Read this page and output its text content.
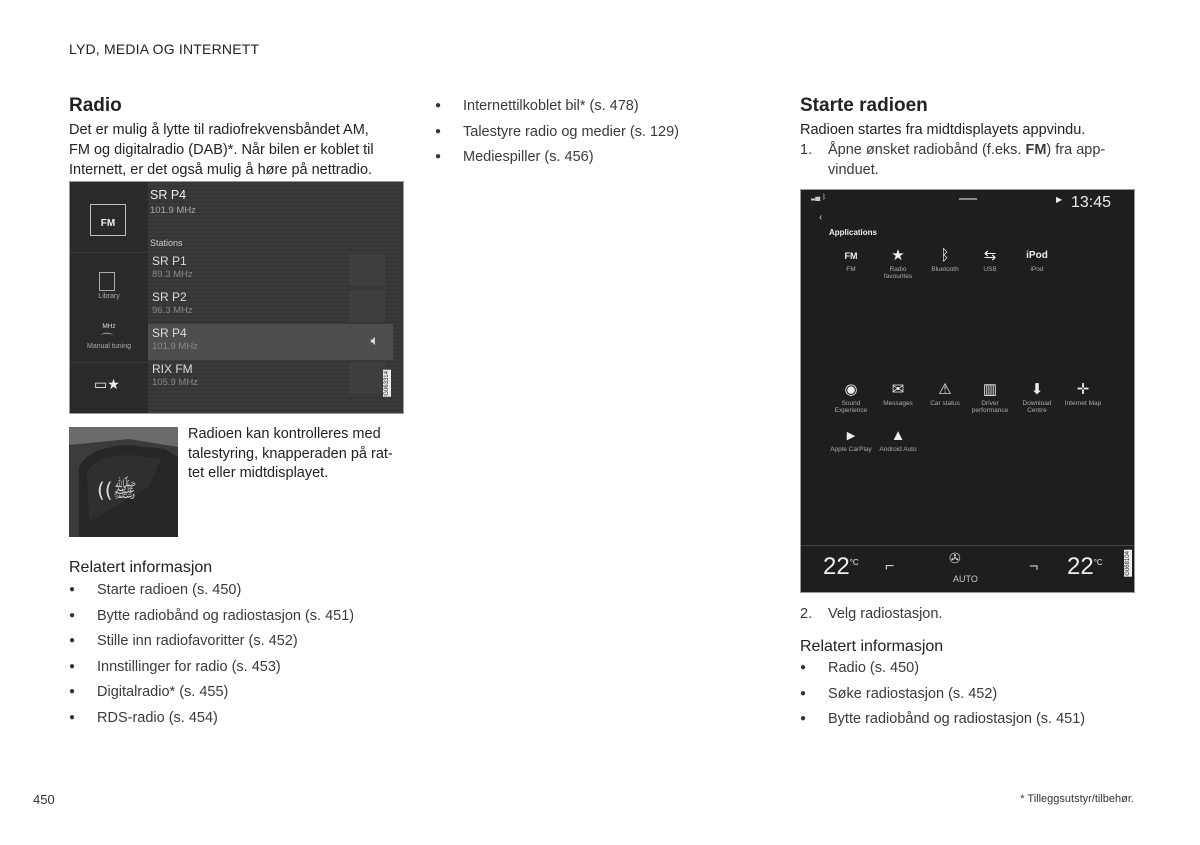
LYD, MEDIA OG INTERNETT
Radio
Det er mulig å lytte til radiofrekvensbåndet AM,
FM og digitalradio (DAB)*. Når bilen er koblet til
Internett, er det også mulig å høre på nettradio.
FM
Library
MHz
⌒
Manual tuning
▭★
SR P4
101.9 MHz
Stations
SR P1
89.3 MHz
SR P2
96.3 MHz
SR P4
101.9 MHz	🔈︎
RIX FM
105.9 MHz	G063314
((ﷺ
Radioen kan kontrolleres med
talestyring, knapperaden på rat-
tet eller midtdisplayet.
Relatert informasjon
● Starte radioen (s. 450)
● Bytte radiobånd og radiostasjon (s. 451)
● Stille inn radiofavoritter (s. 452)
● Innstillinger for radio (s. 453)
● Digitalradio* (s. 455)
● RDS-radio (s. 454)
● Internettilkoblet bil* (s. 478)
● Talestyre radio og medier (s. 129)
● Mediespiller (s. 456)
Starte radioen
Radioen startes fra midtdisplayets appvindu.
1.	Åpne ønsket radiobånd (f.eks. FM) fra app-
vinduet.
▂▄ ᛒ	▶ 13:45
‹
Applications
FM
FM
★
Radio favourites
ᛒ
Bluetooth
⇆
USB
iPod
iPod
◉
Sound Experience
✉
Messages
⚠
Car status
▥
Driver performance
⬇
Download Centre
✛
Internet Map
▶
Apple CarPlay
▲
Android Auto
$22^{^\circ C}$ ⌐	✇
AUTO
¬ $22^{^\circ C}$	G068104
2.	Velg radiostasjon.
Relatert informasjon
● Radio (s. 450)
● Søke radiostasjon (s. 452)
● Bytte radiobånd og radiostasjon (s. 451)
450	* Tilleggsutstyr/tilbehør.
